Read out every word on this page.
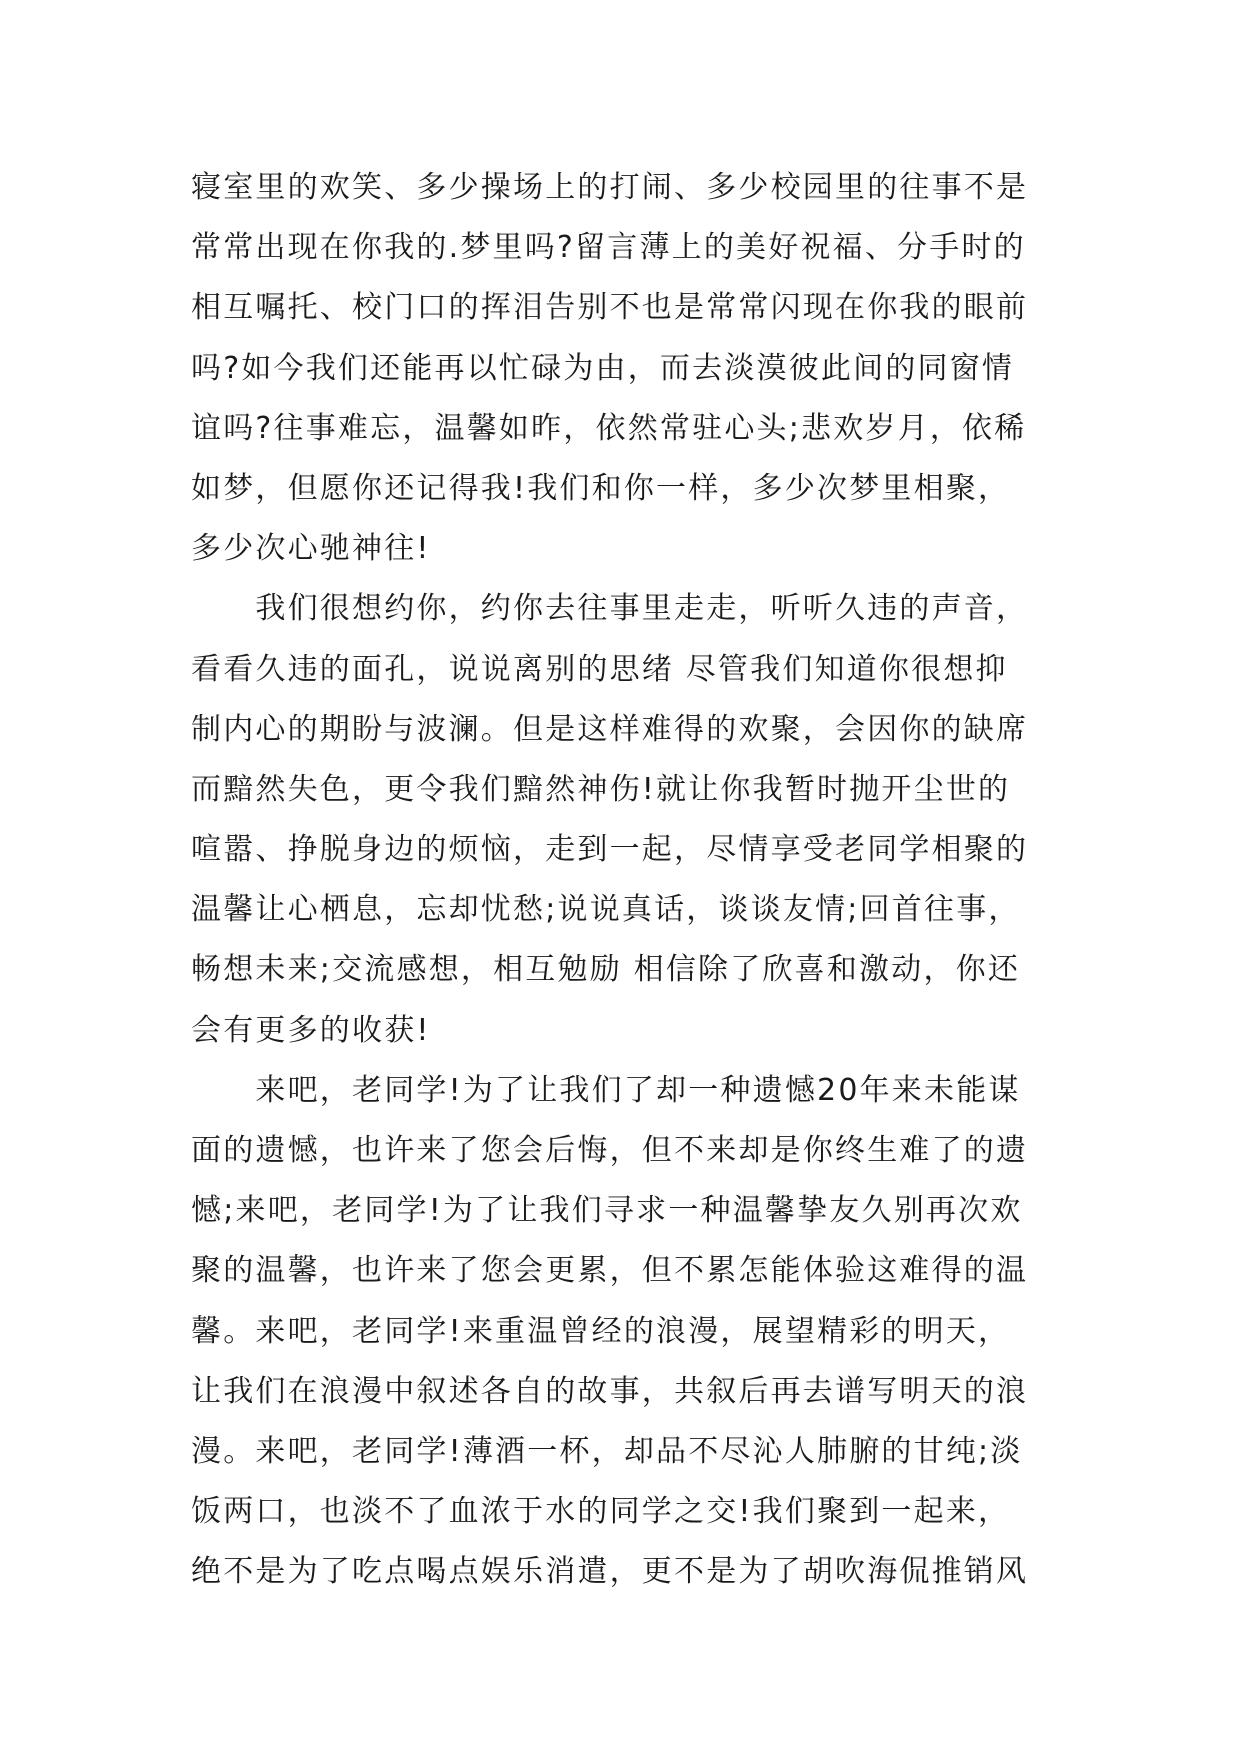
寝室里的欢笑、多少操场上的打闹、多少校园里的往事不是
常常出现在你我的.梦里吗?留言薄上的美好祝福、分手时的
相互嘱托、校门口的挥泪告别不也是常常闪现在你我的眼前
吗?如今我们还能再以忙碌为由，而去淡漠彼此间的同窗情
谊吗?往事难忘，温馨如昨，依然常驻心头;悲欢岁月，依稀
如梦，但愿你还记得我!我们和你一样，多少次梦里相聚，
多少次心驰神往!
　　我们很想约你，约你去往事里走走，听听久违的声音，
看看久违的面孔，说说离别的思绪 尽管我们知道你很想抑
制内心的期盼与波澜。但是这样难得的欢聚，会因你的缺席
而黯然失色，更令我们黯然神伤!就让你我暂时抛开尘世的
喧嚣、挣脱身边的烦恼，走到一起，尽情享受老同学相聚的
温馨让心栖息，忘却忧愁;说说真话，谈谈友情;回首往事，
畅想未来;交流感想，相互勉励 相信除了欣喜和激动，你还
会有更多的收获!
　　来吧，老同学!为了让我们了却一种遗憾20年来未能谋
面的遗憾，也许来了您会后悔，但不来却是你终生难了的遗
憾;来吧，老同学!为了让我们寻求一种温馨挚友久别再次欢
聚的温馨，也许来了您会更累，但不累怎能体验这难得的温
馨。来吧，老同学!来重温曾经的浪漫，展望精彩的明天，
让我们在浪漫中叙述各自的故事，共叙后再去谱写明天的浪
漫。来吧，老同学!薄酒一杯，却品不尽沁人肺腑的甘纯;淡
饭两口，也淡不了血浓于水的同学之交!我们聚到一起来，
绝不是为了吃点喝点娱乐消遣，更不是为了胡吹海侃推销风
